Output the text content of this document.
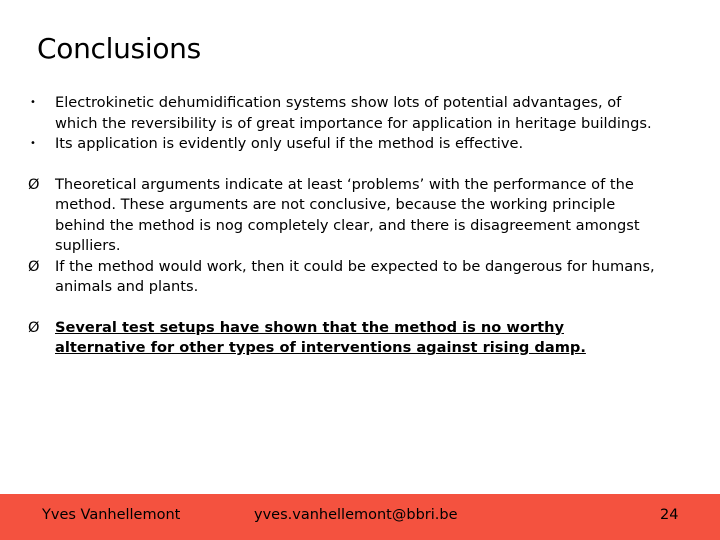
Conclusions
•	Electrokinetic dehumidification systems show lots of potential advantages, of which the reversibility is of great importance for application in heritage buildings.
•	Its application is evidently only useful if the method is effective.
Ø	Theoretical arguments indicate at least ‘problems’ with the performance of the method. These arguments are not conclusive, because the working principle behind the method is nog completely clear, and there is disagreement amongst suplliers.
Ø	If the method would work, then it could be expected to be dangerous for humans, animals and plants.
Ø	Several test setups have shown that the method is no worthy alternative for other types of interventions against rising damp.
Yves Vanhellemont	yves.vanhellemont@bbri.be	24
